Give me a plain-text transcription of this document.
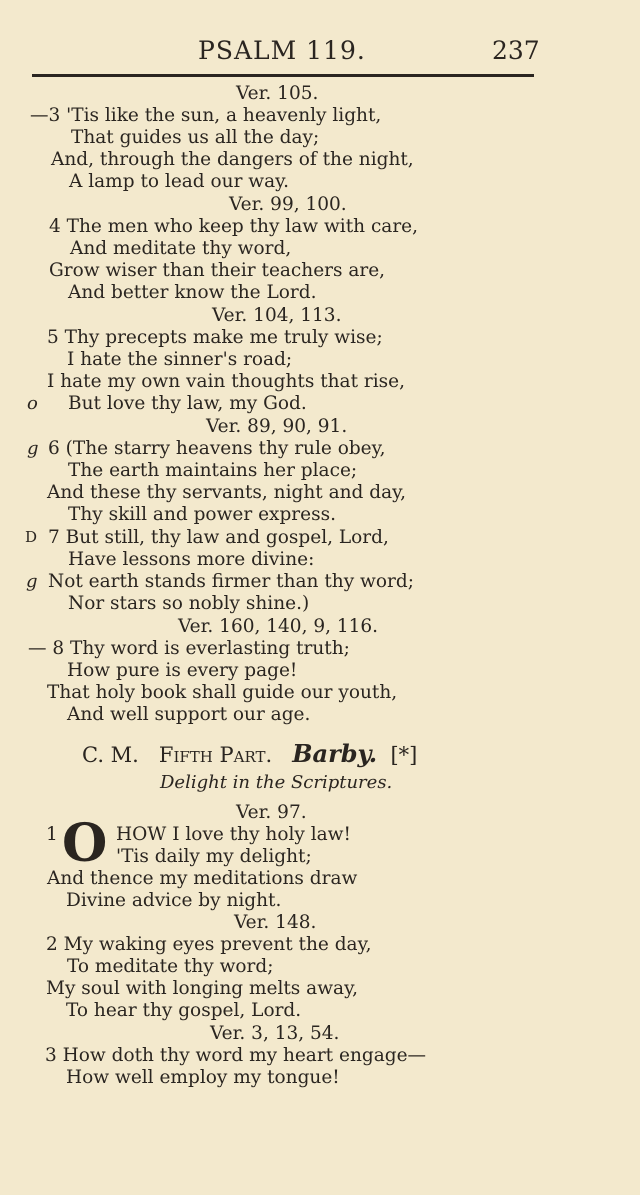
PSALM 119.	237
Ver. 105.
—3 'Tis like the sun, a heavenly light,
That guides us all the day;
And, through the dangers of the night,
A lamp to lead our way.
Ver. 99, 100.
4 The men who keep thy law with care,
And meditate thy word,
Grow wiser than their teachers are,
And better know the Lord.
Ver. 104, 113.
5 Thy precepts make me truly wise;
I hate the sinner's road;
I hate my own vain thoughts that rise,
o But love thy law, my God.
Ver. 89, 90, 91.
g 6 (The starry heavens thy rule obey,
The earth maintains her place;
And these thy servants, night and day,
Thy skill and power express.
D 7 But still, thy law and gospel, Lord,
Have lessons more divine:
g Not earth stands firmer than thy word;
Nor stars so nobly shine.)
Ver. 160, 140, 9, 116.
— 8 Thy word is everlasting truth;
How pure is every page!
That holy book shall guide our youth,
And well support our age.
C. M. Fifth Part. Barby. [*]
Delight in the Scriptures.
Ver. 97.
1 O HOW I love thy holy law!
'Tis daily my delight;
And thence my meditations draw
Divine advice by night.
Ver. 148.
2 My waking eyes prevent the day,
To meditate thy word;
My soul with longing melts away,
To hear thy gospel, Lord.
Ver. 3, 13, 54.
3 How doth thy word my heart engage—
How well employ my tongue!
